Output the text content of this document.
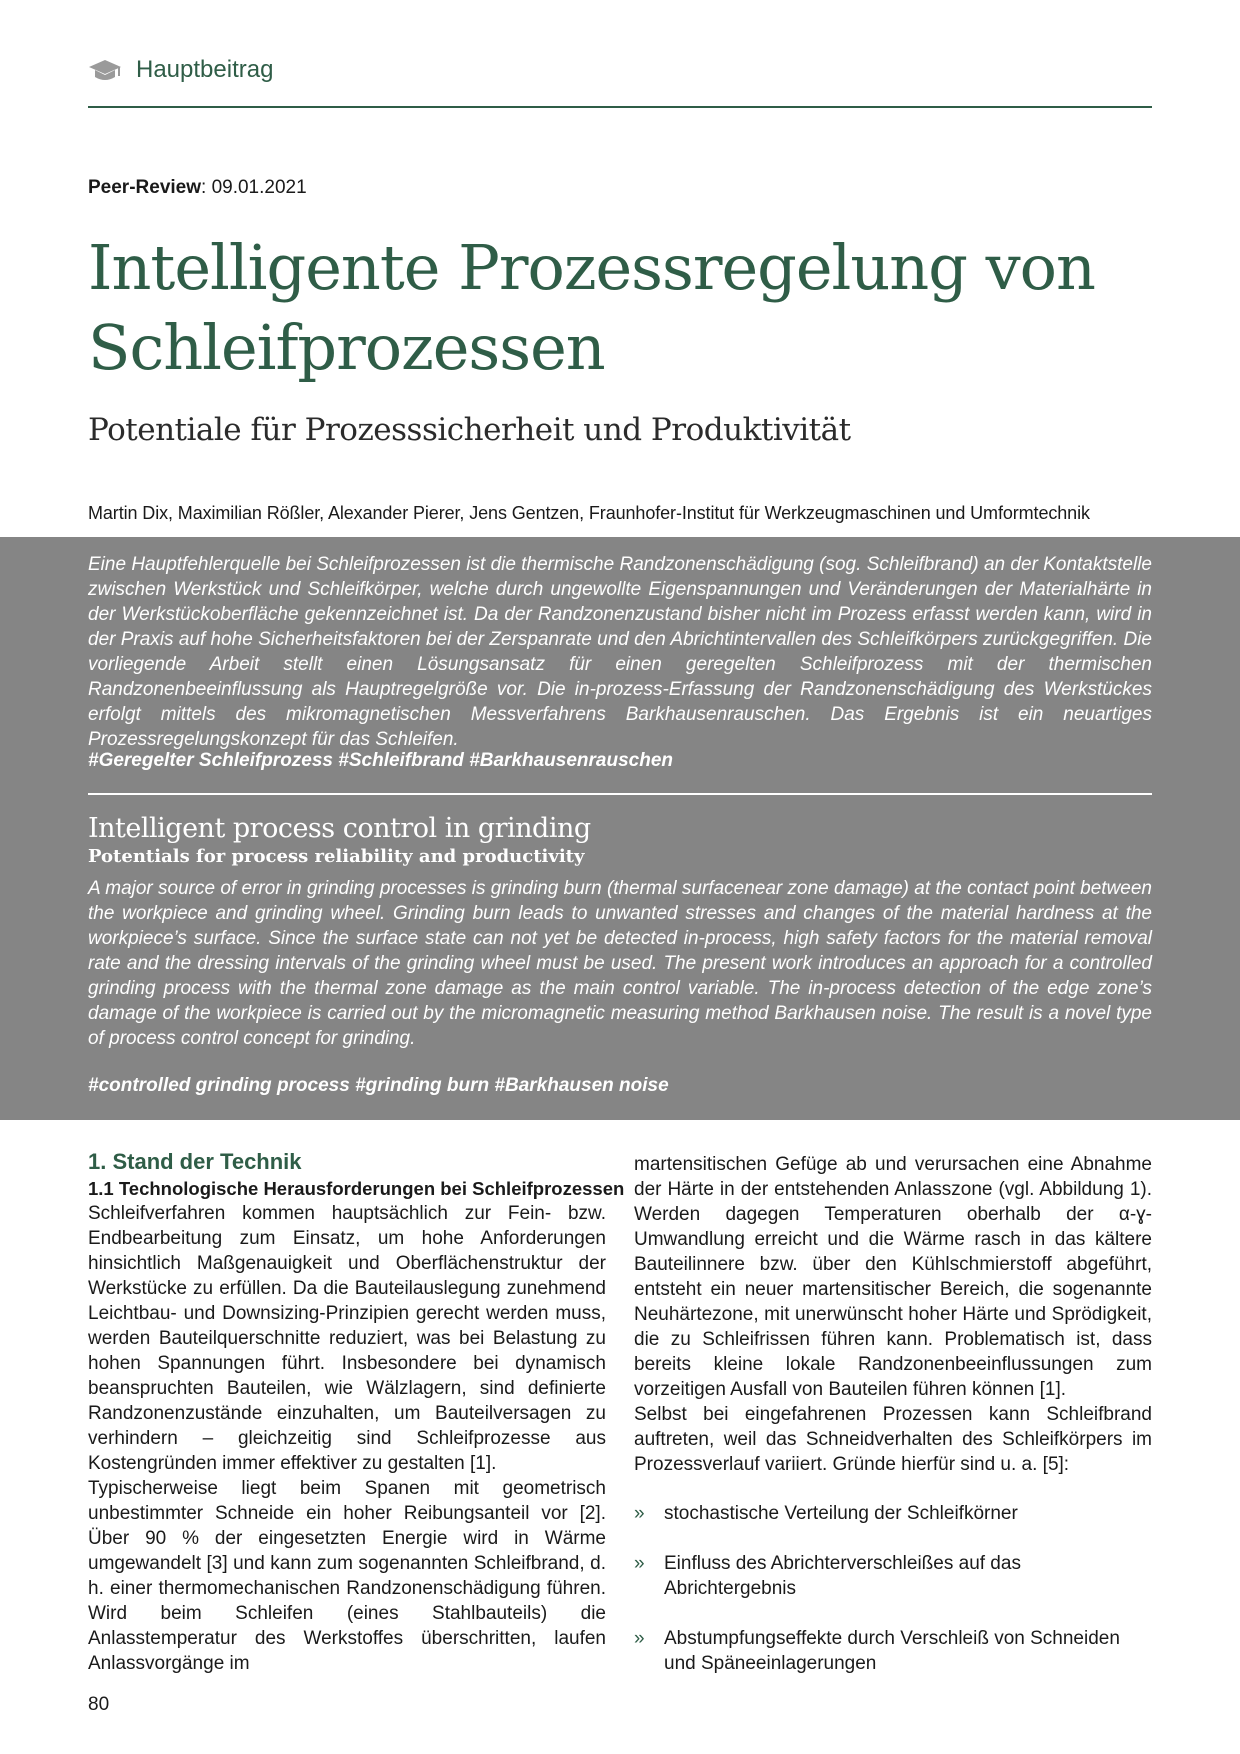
Hauptbeitrag
Peer-Review: 09.01.2021
Intelligente Prozessregelung von Schleifprozessen
Potentiale für Prozesssicherheit und Produktivität
Martin Dix, Maximilian Rößler, Alexander Pierer, Jens Gentzen, Fraunhofer-Institut für Werkzeugmaschinen und Umformtechnik

Eine Hauptfehlerquelle bei Schleifprozessen ist die thermische Randzonenschädigung (sog. Schleifbrand) an der Kontaktstelle zwischen Werkstück und Schleifkörper, welche durch ungewollte Eigenspannungen und Veränderungen der Materialhärte in der Werkstückoberfläche gekennzeichnet ist. Da der Randzonenzustand bisher nicht im Prozess erfasst werden kann, wird in der Praxis auf hohe Sicherheitsfaktoren bei der Zerspanrate und den Abrichtintervallen des Schleifkörpers zurückgegriffen. Die vorliegende Arbeit stellt einen Lösungsansatz für einen geregelten Schleifprozess mit der thermischen Randzonenbeeinflussung als Hauptregelgröße vor. Die in-prozess-Erfassung der Randzonenschädigung des Werkstückes erfolgt mittels des mikromagnetischen Messverfahrens Barkhausenrauschen. Das Ergebnis ist ein neuartiges Prozessregelungskonzept für das Schleifen.

#Geregelter Schleifprozess #Schleifbrand #Barkhausenrauschen
Intelligent process control in grinding
Potentials for process reliability and productivity

A major source of error in grinding processes is grinding burn (thermal surfacenear zone damage) at the contact point between the workpiece and grinding wheel. Grinding burn leads to unwanted stresses and changes of the material hardness at the workpiece’s surface. Since the surface state can not yet be detected in-process, high safety factors for the material removal rate and the dressing intervals of the grinding wheel must be used. The present work introduces an approach for a controlled grinding process with the thermal zone damage as the main control variable. The in-process detection of the edge zone’s damage of the workpiece is carried out by the micromagnetic measuring method Barkhausen noise. The result is a novel type of process control concept for grinding.

#controlled grinding process #grinding burn #Barkhausen noise
1. Stand der Technik
1.1 Technologische Herausforderungen bei Schleifprozessen

Schleifverfahren kommen hauptsächlich zur Fein- bzw. Endbearbeitung zum Einsatz, um hohe Anforderungen hinsichtlich Maßgenauigkeit und Oberflächenstruktur der Werkstücke zu erfüllen. Da die Bauteilauslegung zunehmend Leichtbau- und Downsizing-Prinzipien gerecht werden muss, werden Bauteilquerschnitte reduziert, was bei Belastung zu hohen Spannungen führt. Insbesondere bei dynamisch beanspruchten Bauteilen, wie Wälzlagern, sind definierte Randzonenzustände einzuhalten, um Bauteilversagen zu verhindern – gleichzeitig sind Schleifprozesse aus Kostengründen immer effektiver zu gestalten [1].

Typischerweise liegt beim Spanen mit geometrisch unbestimmter Schneide ein hoher Reibungsanteil vor [2]. Über 90 % der eingesetzten Energie wird in Wärme umgewandelt [3] und kann zum sogenannten Schleifbrand, d. h. einer thermomechanischen Randzonenschädigung führen. Wird beim Schleifen (eines Stahlbauteils) die Anlasstemperatur des Werkstoffes überschritten, laufen Anlassvorgänge im

martensitischen Gefüge ab und verursachen eine Abnahme der Härte in der entstehenden Anlasszone (vgl. Abbildung 1). Werden dagegen Temperaturen oberhalb der α-ɣ-Umwandlung erreicht und die Wärme rasch in das kältere Bauteilinnere bzw. über den Kühlschmierstoff abgeführt, entsteht ein neuer martensitischer Bereich, die sogenannte Neuhärtezone, mit unerwünscht hoher Härte und Sprödigkeit, die zu Schleifrissen führen kann. Problematisch ist, dass bereits kleine lokale Randzonenbeeinflussungen zum vorzeitigen Ausfall von Bauteilen führen können [1].

Selbst bei eingefahrenen Prozessen kann Schleifbrand auftreten, weil das Schneidverhalten des Schleifkörpers im Prozessverlauf variiert. Gründe hierfür sind u. a. [5]:

» stochastische Verteilung der Schleifkörner
» Einfluss des Abrichterverschleißes auf das Abrichtergebnis
» Abstumpfungseffekte durch Verschleiß von Schneiden und Späneeinlagerungen
80
